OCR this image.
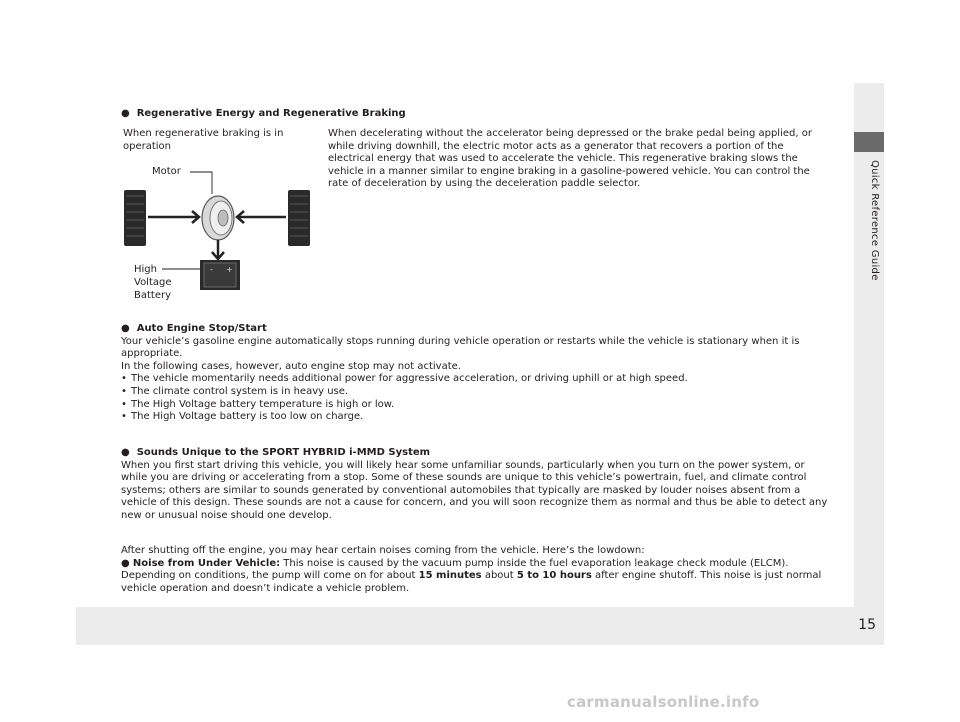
Quick Reference Guide
15
● Regenerative Energy and Regenerative Braking

When regenerative braking is in operation

When decelerating without the accelerator being depressed or the brake pedal being applied, or while driving downhill, the electric motor acts as a generator that recovers a portion of the electrical energy that was used to accelerate the vehicle. This regenerative braking slows the vehicle in a manner similar to engine braking in a gasoline-powered vehicle. You can control the rate of deceleration by using the deceleration paddle selector.

- +
Motor
High
Voltage
Battery
● Auto Engine Stop/Start
Your vehicle’s gasoline engine automatically stops running during vehicle operation or restarts while the vehicle is stationary when it is appropriate.
In the following cases, however, auto engine stop may not activate.
• The vehicle momentarily needs additional power for aggressive acceleration, or driving uphill or at high speed.
• The climate control system is in heavy use.
• The High Voltage battery temperature is high or low.
• The High Voltage battery is too low on charge.
● Sounds Unique to the SPORT HYBRID i-MMD System
When you first start driving this vehicle, you will likely hear some unfamiliar sounds, particularly when you turn on the power system, or while you are driving or accelerating from a stop. Some of these sounds are unique to this vehicle’s powertrain, fuel, and climate control systems; others are similar to sounds generated by conventional automobiles that typically are masked by louder noises absent from a vehicle of this design. These sounds are not a cause for concern, and you will soon recognize them as normal and thus be able to detect any new or unusual noise should one develop.
After shutting off the engine, you may hear certain noises coming from the vehicle. Here’s the lowdown:
● Noise from Under Vehicle: This noise is caused by the vacuum pump inside the fuel evaporation leakage check module (ELCM).
Depending on conditions, the pump will come on for about 15 minutes about 5 to 10 hours after engine shutoff. This noise is just normal vehicle operation and doesn’t indicate a vehicle problem.
carmanualsonline.info
